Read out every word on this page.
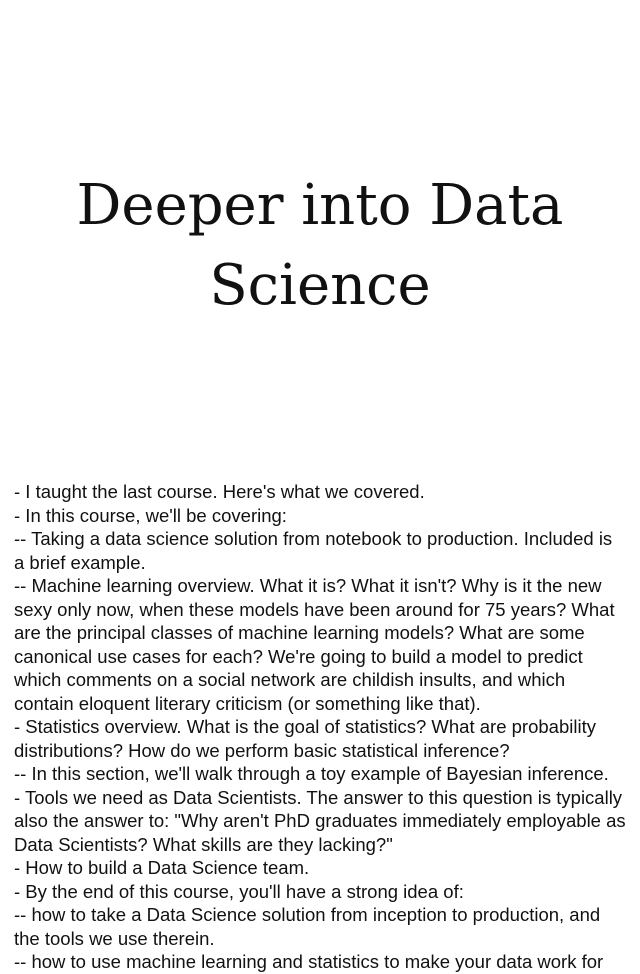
Deeper into Data Science
- I taught the last course. Here's what we covered.
- In this course, we'll be covering:
-- Taking a data science solution from notebook to production. Included is a brief example.
-- Machine learning overview. What it is? What it isn't? Why is it the new sexy only now, when these models have been around for 75 years? What are the principal classes of machine learning models? What are some canonical use cases for each? We're going to build a model to predict which comments on a social network are childish insults, and which contain eloquent literary criticism (or something like that).
- Statistics overview. What is the goal of statistics? What are probability distributions? How do we perform basic statistical inference?
-- In this section, we'll walk through a toy example of Bayesian inference.
- Tools we need as Data Scientists. The answer to this question is typically also the answer to: "Why aren't PhD graduates immediately employable as Data Scientists? What skills are they lacking?"
- How to build a Data Science team.
- By the end of this course, you'll have a strong idea of:
-- how to take a Data Science solution from inception to production, and the tools we use therein.
-- how to use machine learning and statistics to make your data work for
